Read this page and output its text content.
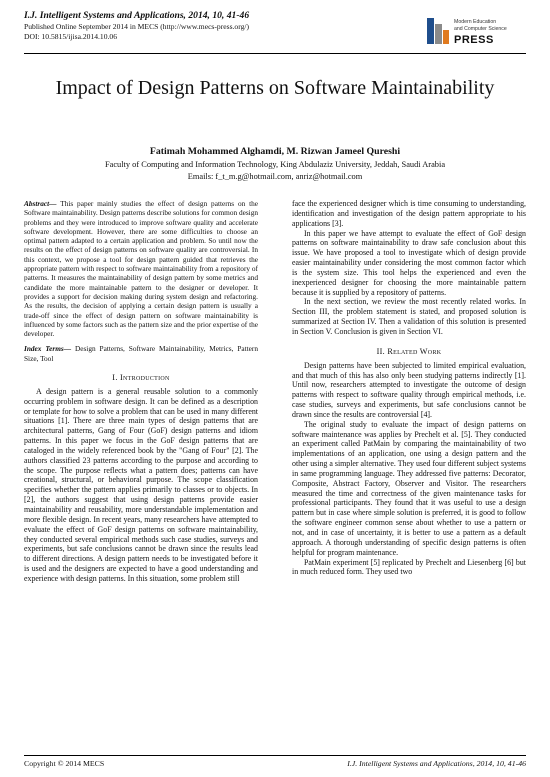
I.J. Intelligent Systems and Applications, 2014, 10, 41-46
Published Online September 2014 in MECS (http://www.mecs-press.org/)
DOI: 10.5815/ijisa.2014.10.06
Modern Education
and Computer Science
PRESS
Impact of Design Patterns on Software Maintainability
Fatimah Mohammed Alghamdi, M. Rizwan Jameel Qureshi
Faculty of Computing and Information Technology, King Abdulaziz University, Jeddah, Saudi Arabia
Emails: f_t_m.g@hotmail.com, anriz@hotmail.com

Abstract— This paper mainly studies the effect of design patterns on the Software maintainability. Design patterns describe solutions for common design problems and they were introduced to improve software quality and accelerate software development. However, there are some difficulties to choose an optimal pattern adapted to a certain application and problem. So until now the results on the effect of design patterns on software quality are controversial. In this context, we propose a tool for design pattern guided that retrieves the appropriate pattern with respect to software maintainability from a repository of patterns. It measures the maintainability of design pattern by some metrics and candidate the more maintainable pattern to the designer or developer. It provides a support for decision making during system design and refactoring. As the results, the decision of applying a certain design pattern is usually a trade-off since the effect of design pattern on software maintainability is influenced by some factors such as the pattern size and the prior expertise of the developer.

Index Terms— Design Patterns, Software Maintainability, Metrics, Pattern Size, Tool

I. Introduction

A design pattern is a general reusable solution to a commonly occurring problem in software design. It can be defined as a description or template for how to solve a problem that can be used in many different situations [1]. There are three main types of design patterns that are architectural patterns, Gang of Four (GoF) design patterns and idiom patterns. In this paper we focus in the GoF design patterns that are cataloged in the widely referenced book by the "Gang of Four" [2]. The authors classified 23 patterns according to the purpose and according to the scope. The purpose reflects what a pattern does; patterns can have creational, structural, or behavioral purpose. The scope classification specifies whether the pattern applies primarily to classes or to objects. In [2], the authors suggest that using design patterns provide easier maintainability and reusability, more understandable implementation and more flexible design. In recent years, many researchers have attempted to evaluate the effect of GoF design patterns on software maintainability, they conducted several empirical methods such case studies, surveys and experiments, but safe conclusions cannot be drawn since the results lead to different directions. A design pattern needs to be investigated before it is used and the designers are expected to have a good understanding and experience with design patterns. In this situation, some problem still

face the experienced designer which is time consuming to understanding, identification and investigation of the design pattern appropriate to his applications [3].

In this paper we have attempt to evaluate the effect of GoF design patterns on software maintainability to draw safe conclusion about this issue. We have proposed a tool to investigate which of design provide easier maintainability under considering the most common factor which is the system size. This tool helps the experienced and even the inexperienced designer for choosing the more maintainable pattern because it is supplied by a repository of patterns.

In the next section, we review the most recently related works. In Section III, the problem statement is stated, and proposed solution is summarized at Section IV. Then a validation of this solution is presented in Section V. Conclusion is given in Section VI.

II. Related Work

Design patterns have been subjected to limited empirical evaluation, and that much of this has also only been studying patterns indirectly [1]. Until now, researchers attempted to investigate the outcome of design patterns with respect to software quality through empirical methods, i.e. case studies, surveys and experiments, but safe conclusions cannot be drawn since the results are controversial [4].

The original study to evaluate the impact of design patterns on software maintenance was applies by Prechelt et al. [5]. They conducted an experiment called PatMain by comparing the maintainability of two implementations of an application, one using a design pattern and the other using a simpler alternative. They used four different subject systems in same programming language. They addressed five patterns: Decorator, Composite, Abstract Factory, Observer and Visitor. The researchers measured the time and correctness of the given maintenance tasks for professional participants. They found that it was useful to use a design pattern but in case where simple solution is preferred, it is good to follow the software engineer common sense about whether to use a pattern or not, and in case of uncertainty, it is better to use a pattern as a default approach. A thorough understanding of specific design patterns is often helpful for program maintenance.

PatMain experiment [5] replicated by Prechelt and Liesenberg [6] but in much reduced form. They used two

Copyright © 2014 MECS	I.J. Intelligent Systems and Applications, 2014, 10, 41-46
